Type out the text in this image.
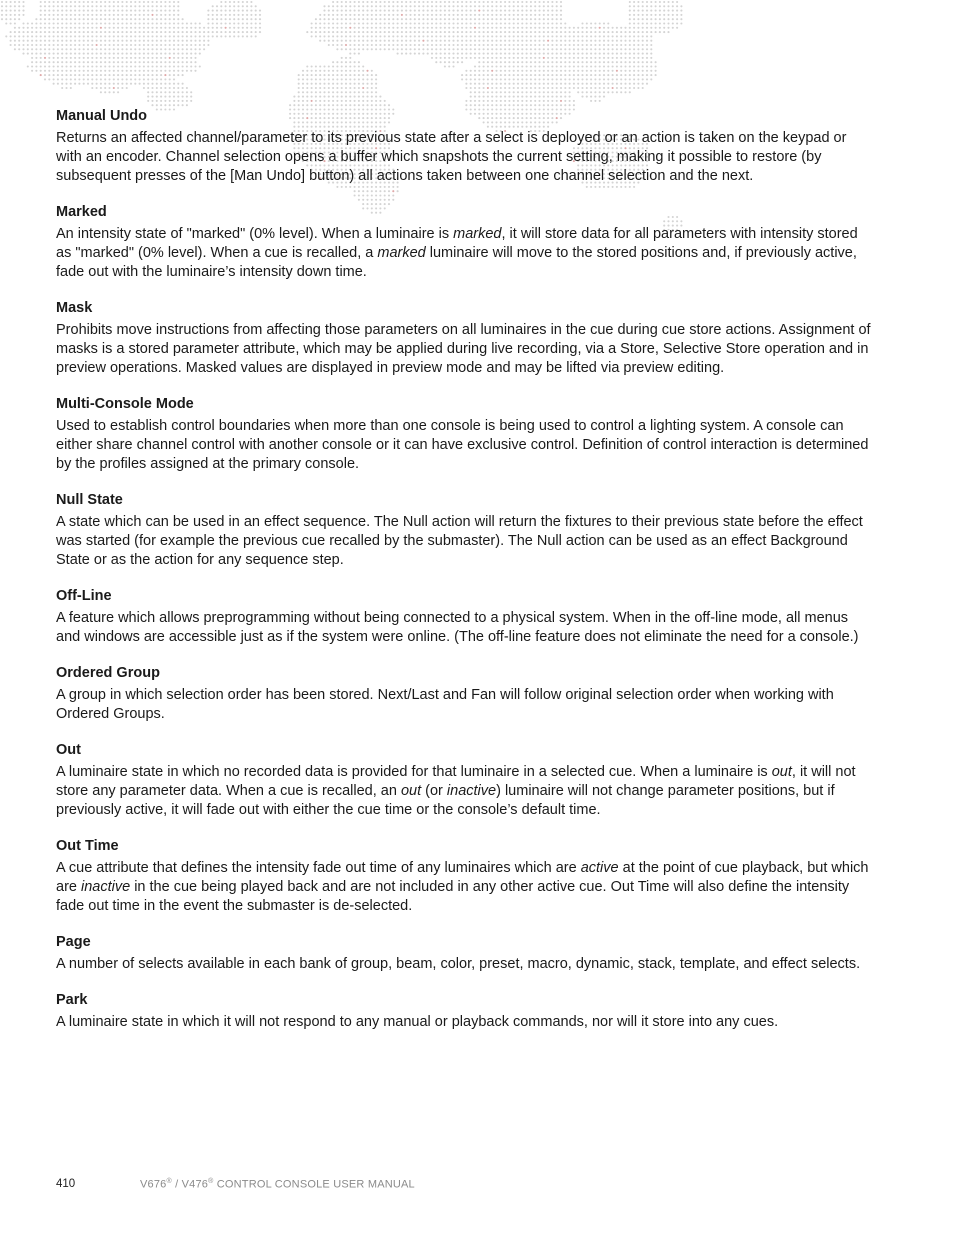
Manual Undo

Returns an affected channel/parameter to its previous state after a select is deployed or an action is taken on the keypad or with an encoder. Channel selection opens a buffer which snapshots the current setting, making it possible to restore (by subsequent presses of the [Man Undo] button) all actions taken between one channel selection and the next.

Marked

An intensity state of "marked" (0% level). When a luminaire is marked, it will store data for all parameters with intensity stored as "marked" (0% level). When a cue is recalled, a marked luminaire will move to the stored positions and, if previously active, fade out with the luminaire’s intensity down time.

Mask

Prohibits move instructions from affecting those parameters on all luminaires in the cue during cue store actions. Assignment of masks is a stored parameter attribute, which may be applied during live recording, via a Store, Selective Store operation and in preview operations. Masked values are displayed in preview mode and may be lifted via preview editing.

Multi-Console Mode

Used to establish control boundaries when more than one console is being used to control a lighting system. A console can either share channel control with another console or it can have exclusive control. Definition of control interaction is determined by the profiles assigned at the primary console.

Null State

A state which can be used in an effect sequence. The Null action will return the fixtures to their previous state before the effect was started (for example the previous cue recalled by the submaster). The Null action can be used as an effect Background State or as the action for any sequence step.

Off-Line

A feature which allows preprogramming without being connected to a physical system. When in the off-line mode, all menus and windows are accessible just as if the system were online. (The off-line feature does not eliminate the need for a console.)

Ordered Group

A group in which selection order has been stored. Next/Last and Fan will follow original selection order when working with Ordered Groups.

Out

A luminaire state in which no recorded data is provided for that luminaire in a selected cue. When a luminaire is out, it will not store any parameter data. When a cue is recalled, an out (or inactive) luminaire will not change parameter positions, but if previously active, it will fade out with either the cue time or the console’s default time.

Out Time

A cue attribute that defines the intensity fade out time of any luminaires which are active at the point of cue playback, but which are inactive in the cue being played back and are not included in any other active cue. Out Time will also define the intensity fade out time in the event the submaster is de-selected.

Page

A number of selects available in each bank of group, beam, color, preset, macro, dynamic, stack, template, and effect selects.

Park

A luminaire state in which it will not respond to any manual or playback commands, nor will it store into any cues.

410	V676® / V476® CONTROL CONSOLE USER MANUAL
